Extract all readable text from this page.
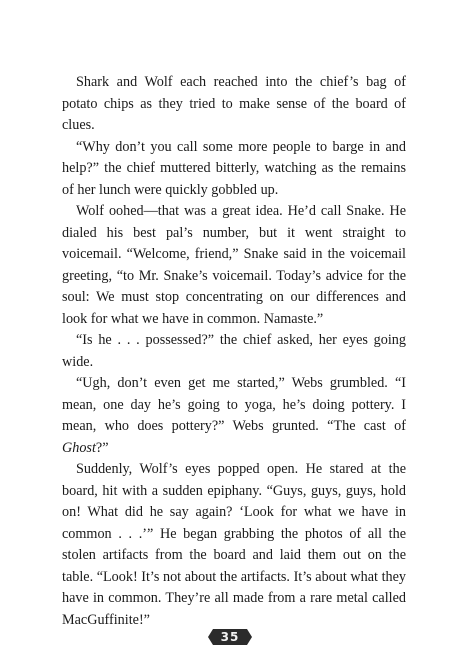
Shark and Wolf each reached into the chief’s bag of potato chips as they tried to make sense of the board of clues.

“Why don’t you call some more people to barge in and help?” the chief muttered bitterly, watching as the remains of her lunch were quickly gobbled up.

Wolf oohed—that was a great idea. He’d call Snake. He dialed his best pal’s number, but it went straight to voicemail. “Welcome, friend,” Snake said in the voicemail greeting, “to Mr. Snake’s voicemail. Today’s advice for the soul: We must stop concentrating on our differences and look for what we have in common. Namaste.”

“Is he . . . possessed?” the chief asked, her eyes going wide.

“Ugh, don’t even get me started,” Webs grumbled. “I mean, one day he’s going to yoga, he’s doing pottery. I mean, who does pottery?” Webs grunted. “The cast of Ghost?”

Suddenly, Wolf’s eyes popped open. He stared at the board, hit with a sudden epiphany. “Guys, guys, guys, hold on! What did he say again? ‘Look for what we have in common . . .’” He began grabbing the photos of all the stolen artifacts from the board and laid them out on the table. “Look! It’s not about the artifacts. It’s about what they have in common. They’re all made from a rare metal called MacGuffinite!”

35
